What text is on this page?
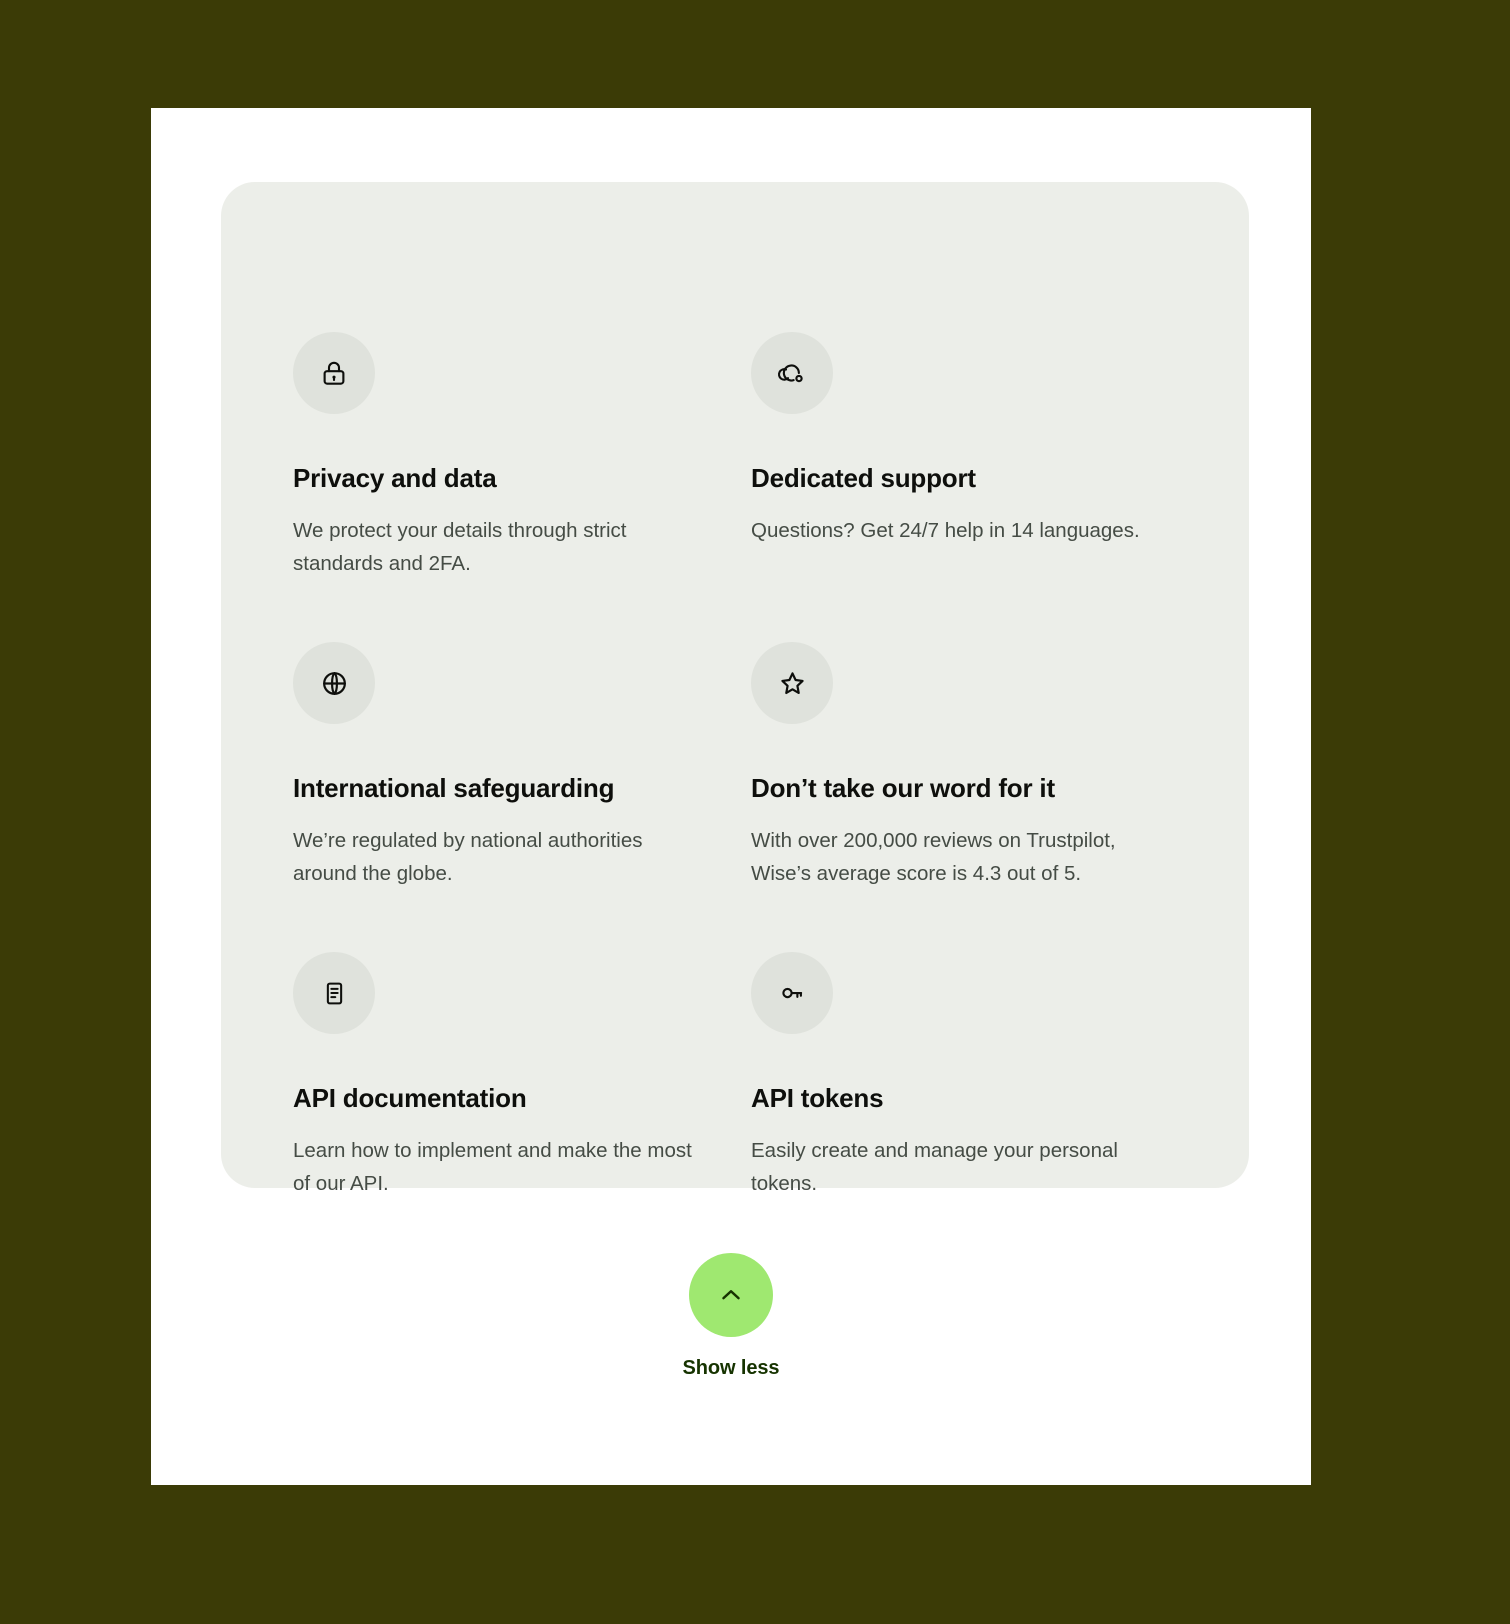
Privacy and data

We protect your details through strict standards and 2FA.

Dedicated support

Questions? Get 24/7 help in 14 languages.

International safeguarding

We’re regulated by national authorities around the globe.

Don’t take our word for it

With over 200,000 reviews on Trustpilot, Wise’s average score is 4.3 out of 5.

API documentation

Learn how to implement and make the most of our API.

API tokens

Easily create and manage your personal tokens.

Show less
